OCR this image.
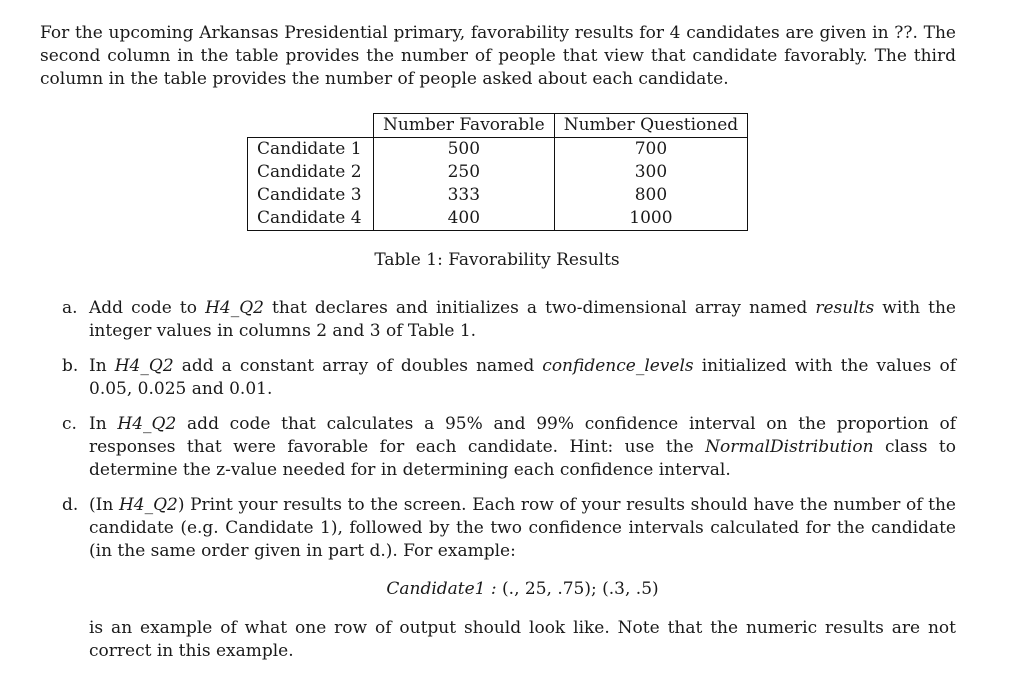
For the upcoming Arkansas Presidential primary, favorability results for 4 candidates are given in ??. The second column in the table provides the number of people that view that candidate favorably. The third column in the table provides the number of people asked about each candidate.

	Number Favorable	Number Questioned
Candidate 1	500	700
Candidate 2	250	300
Candidate 3	333	800
Candidate 4	400	1000
Table 1: Favorability Results
a. Add code to H4_Q2 that declares and initializes a two-dimensional array named results with the integer values in columns 2 and 3 of Table 1.
b. In H4_Q2 add a constant array of doubles named confidence_levels initialized with the values of 0.05, 0.025 and 0.01.
c. In H4_Q2 add code that calculates a 95% and 99% confidence interval on the proportion of responses that were favorable for each candidate. Hint: use the NormalDistribution class to determine the z-value needed for in determining each confidence interval.
d. (In H4_Q2) Print your results to the screen. Each row of your results should have the number of the candidate (e.g. Candidate 1), followed by the two confidence intervals calculated for the candidate (in the same order given in part d.). For example:
Candidate1 : (., 25, .75); (.3, .5)
is an example of what one row of output should look like. Note that the numeric results are not correct in this example.
